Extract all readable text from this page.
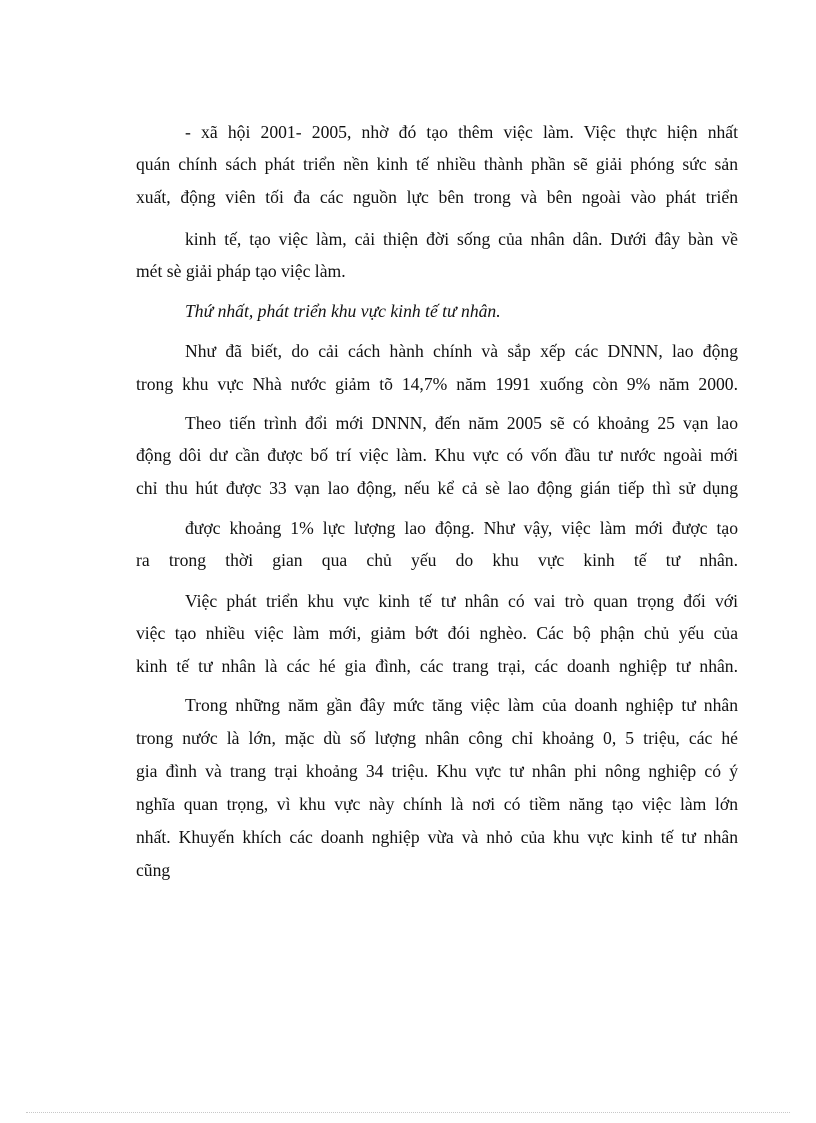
- xã hội 2001- 2005, nhờ đó tạo thêm việc làm. Việc thực hiện nhất
quán chính sách phát triển nền kinh tế nhiều thành phần sẽ giải phóng sức sản
xuất, động viên tối đa các nguồn lực bên trong và bên ngoài vào phát triển
kinh tế, tạo việc làm, cải thiện đời sống của nhân dân. Dưới đây bàn về
mét sè giải pháp tạo việc làm.
Thứ nhất, phát triển khu vực kinh tế tư nhân.
Như đã biết, do cải cách hành chính và sắp xếp các DNNN, lao động
trong khu vực Nhà nước giảm tõ 14,7% năm 1991 xuống còn 9% năm 2000.
Theo tiến trình đổi mới DNNN, đến năm 2005 sẽ có khoảng 25 vạn lao
động dôi dư cần được bố trí việc làm. Khu vực có vốn đầu tư nước ngoài mới
chỉ thu hút được 33 vạn lao động, nếu kể cả sè lao động gián tiếp thì sử dụng
được khoảng 1% lực lượng lao động. Như vậy, việc làm mới được tạo
ra trong thời gian qua chủ yếu do khu vực kinh tế tư nhân.
Việc phát triển khu vực kinh tế tư nhân có vai trò quan trọng đối với
việc tạo nhiều việc làm mới, giảm bớt đói nghèo. Các bộ phận chủ yếu của
kinh tế tư nhân là các hé gia đình, các trang trại, các doanh nghiệp tư nhân.
Trong những năm gần đây mức tăng việc làm của doanh nghiệp tư nhân
trong nước là lớn, mặc dù số lượng nhân công chỉ khoảng 0, 5 triệu, các hé
gia đình và trang trại khoảng 34 triệu. Khu vực tư nhân phi nông nghiệp có ý
nghĩa quan trọng, vì khu vực này chính là nơi có tiềm năng tạo việc làm lớn
nhất. Khuyến khích các doanh nghiệp vừa và nhỏ của khu vực kinh tế tư nhân
cũng
